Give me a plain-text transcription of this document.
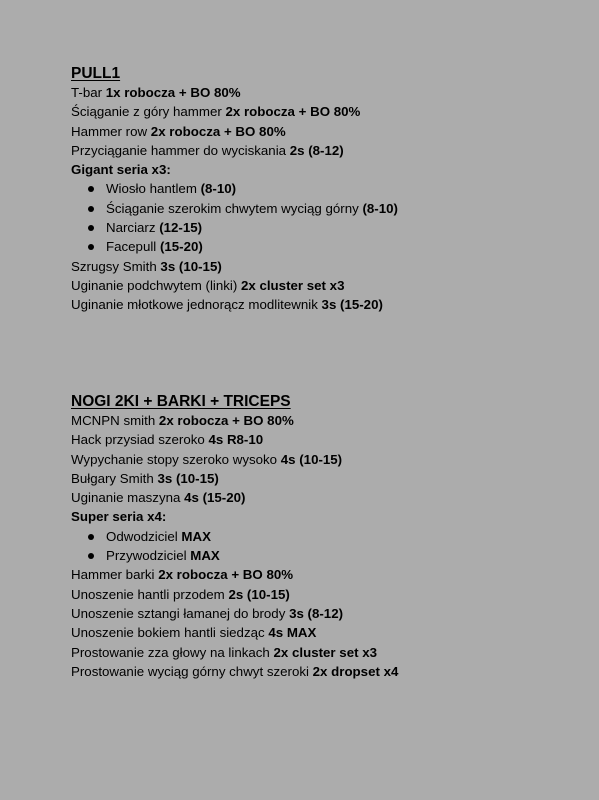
PULL1
T-bar 1x robocza + BO 80%
Ściąganie z góry hammer 2x robocza + BO 80%
Hammer row 2x robocza + BO 80%
Przyciąganie hammer do wyciskania 2s (8-12)
Gigant seria x3:
Wiosło hantlem (8-10)
Ściąganie szerokim chwytem wyciąg górny (8-10)
Narciarz (12-15)
Facepull (15-20)
Szrugsy Smith 3s (10-15)
Uginanie podchwytem (linki) 2x cluster set x3
Uginanie młotkowe jednorącz modlitewnik 3s (15-20)
NOGI 2KI + BARKI + TRICEPS
MCNPN smith 2x robocza + BO 80%
Hack przysiad szeroko 4s R8-10
Wypychanie stopy szeroko wysoko 4s (10-15)
Bułgary Smith 3s (10-15)
Uginanie maszyna 4s (15-20)
Super seria x4:
Odwodziciel MAX
Przywodziciel MAX
Hammer barki 2x robocza + BO 80%
Unoszenie hantli przodem 2s (10-15)
Unoszenie sztangi łamanej do brody 3s (8-12)
Unoszenie bokiem hantli siedząc 4s MAX
Prostowanie zza głowy na linkach 2x cluster set x3
Prostowanie wyciąg górny chwyt szeroki 2x dropset x4
